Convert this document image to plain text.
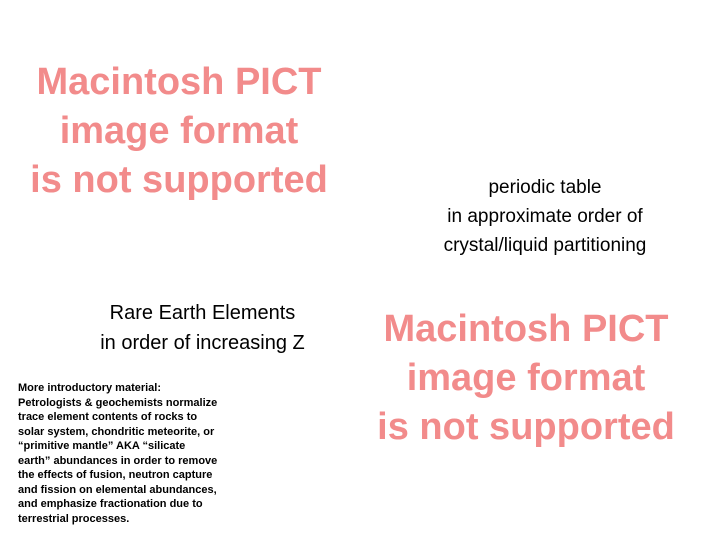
Macintosh PICT
image format
is not supported	periodic table
in approximate order of
crystal/liquid partitioning
Rare Earth Elements
in order of increasing Z	Macintosh PICT
image format
is not supported
More introductory material:
Petrologists & geochemists normalize
trace element contents of rocks to
solar system, chondritic meteorite, or
“primitive mantle” AKA “silicate
earth” abundances in order to remove
the effects of fusion, neutron capture
and fission on elemental abundances,
and emphasize fractionation due to
terrestrial processes.
